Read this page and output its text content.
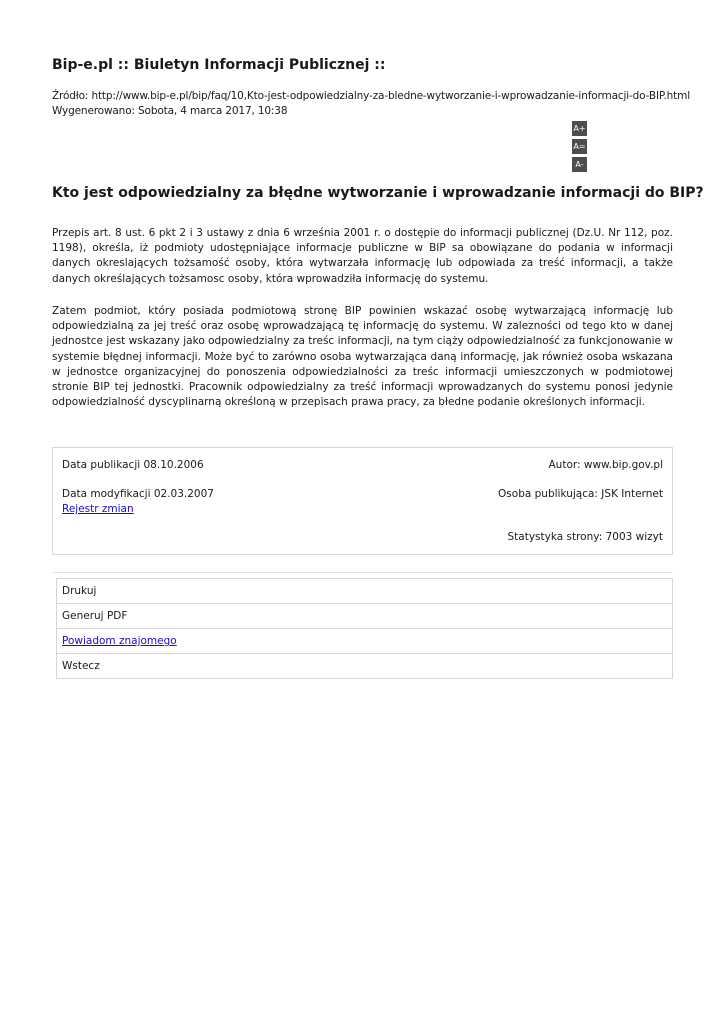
Bip-e.pl :: Biuletyn Informacji Publicznej ::
Źródło: http://www.bip-e.pl/bip/faq/10,Kto-jest-odpowiedzialny-za-bledne-wytworzanie-i-wprowadzanie-informacji-do-BIP.html
Wygenerowano: Sobota, 4 marca 2017, 10:38
A+
A=
A-
Kto jest odpowiedzialny za błędne wytworzanie i wprowadzanie informacji do BIP?

Przepis art. 8 ust. 6 pkt 2 i 3 ustawy z dnia 6 września 2001 r. o dostępie do informacji publicznej (Dz.U. Nr 112, poz. 1198), określa, iż podmioty udostępniające informacje publiczne w BIP sa obowiązane do podania w informacji danych okreslających tożsamość osoby, która wytwarzała informację lub odpowiada za treść informacji, a także danych określających tożsamosc osoby, która wprowadziła informację do systemu.

Zatem podmiot, który posiada podmiotową stronę BIP powinien wskazać osobę wytwarzającą informację lub odpowiedzialną za jej treść oraz osobę wprowadzającą tę informację do systemu. W zalezności od tego kto w danej jednostce jest wskazany jako odpowiedzialny za treśc informacji, na tym ciąży odpowiedzialność za funkcjonowanie w systemie błędnej informacji. Może być to zarówno osoba wytwarzająca daną informację, jak również osoba wskazana w jednostce organizacyjnej do ponoszenia odpowiedzialności za treśc informacji umieszczonych w podmiotowej stronie BIP tej jednostki. Pracownik odpowiedzialny za treść informacji wprowadzanych do systemu ponosi jedynie odpowiedzialność dyscyplinarną określoną w przepisach prawa pracy, za błedne podanie określonych informacji.

Data publikacji 08.10.2006	Autor: www.bip.gov.pl
Data modyfikacji 02.03.2007	Osoba publikująca: JSK Internet
Rejestr zmian
Statystyka strony: 7003 wizyt
Drukuj
Generuj PDF
Powiadom znajomego
Wstecz
